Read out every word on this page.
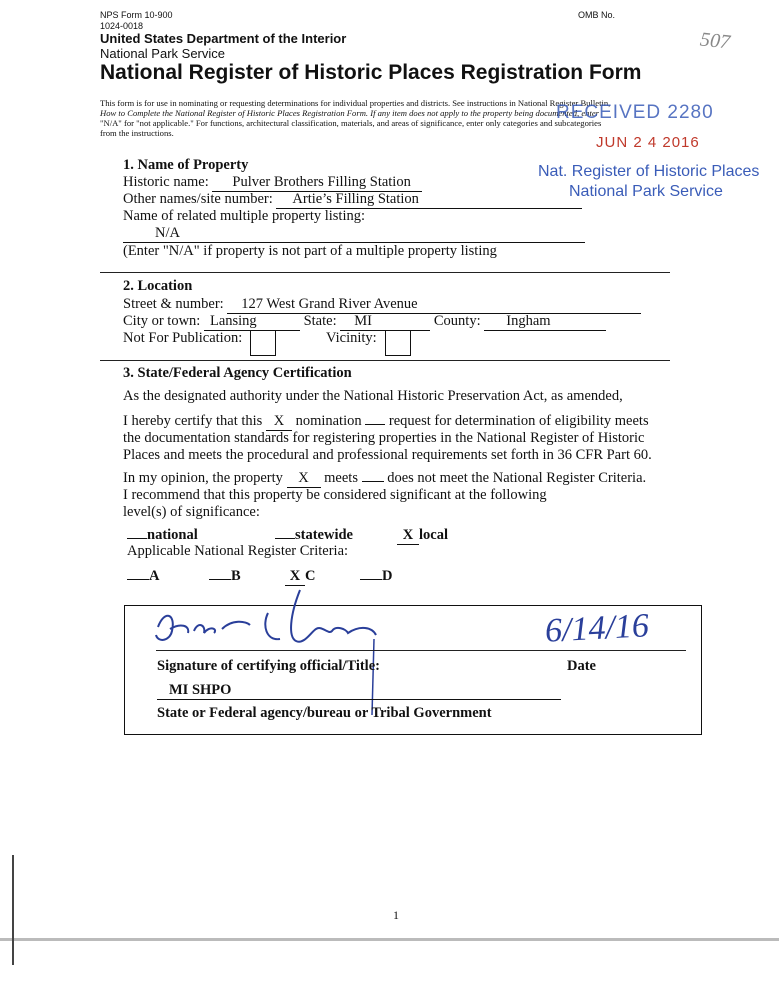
NPS Form 10-900
1024-0018
OMB No.
United States Department of the Interior
National Park Service
National Register of Historic Places Registration Form
507
This form is for use in nominating or requesting determinations for individual properties and districts. See instructions in National Register Bulletin,
How to Complete the National Register of Historic Places Registration Form. If any item does not apply to the property being documented, enter
"N/A" for "not applicable." For functions, architectural classification, materials, and areas of significance, enter only categories and subcategories
from the instructions.
RECEIVED 2280
JUN 2 4 2016
Nat. Register of Historic Places
National Park Service
1. Name of Property
Historic name: Pulver Brothers Filling Station
Other names/site number: Artie’s Filling Station
Name of related multiple property listing:
N/A
(Enter "N/A" if property is not part of a multiple property listing
2. Location
Street & number: 127 West Grand River Avenue
City or town: Lansing	State: MI	County: Ingham
Not For Publication:	Vicinity:
3. State/Federal Agency Certification
As the designated authority under the National Historic Preservation Act, as amended,
I hereby certify that this X nomination request for determination of eligibility meets
the documentation standards for registering properties in the National Register of Historic
Places and meets the procedural and professional requirements set forth in 36 CFR Part 60.
In my opinion, the property X meets does not meet the National Register Criteria.
I recommend that this property be considered significant at the following
level(s) of significance:
national	statewide	X local
Applicable National Register Criteria:
A	B	X C	D
6/14/16
Signature of certifying official/Title:	Date
MI SHPO
State or Federal agency/bureau or Tribal Government
1
